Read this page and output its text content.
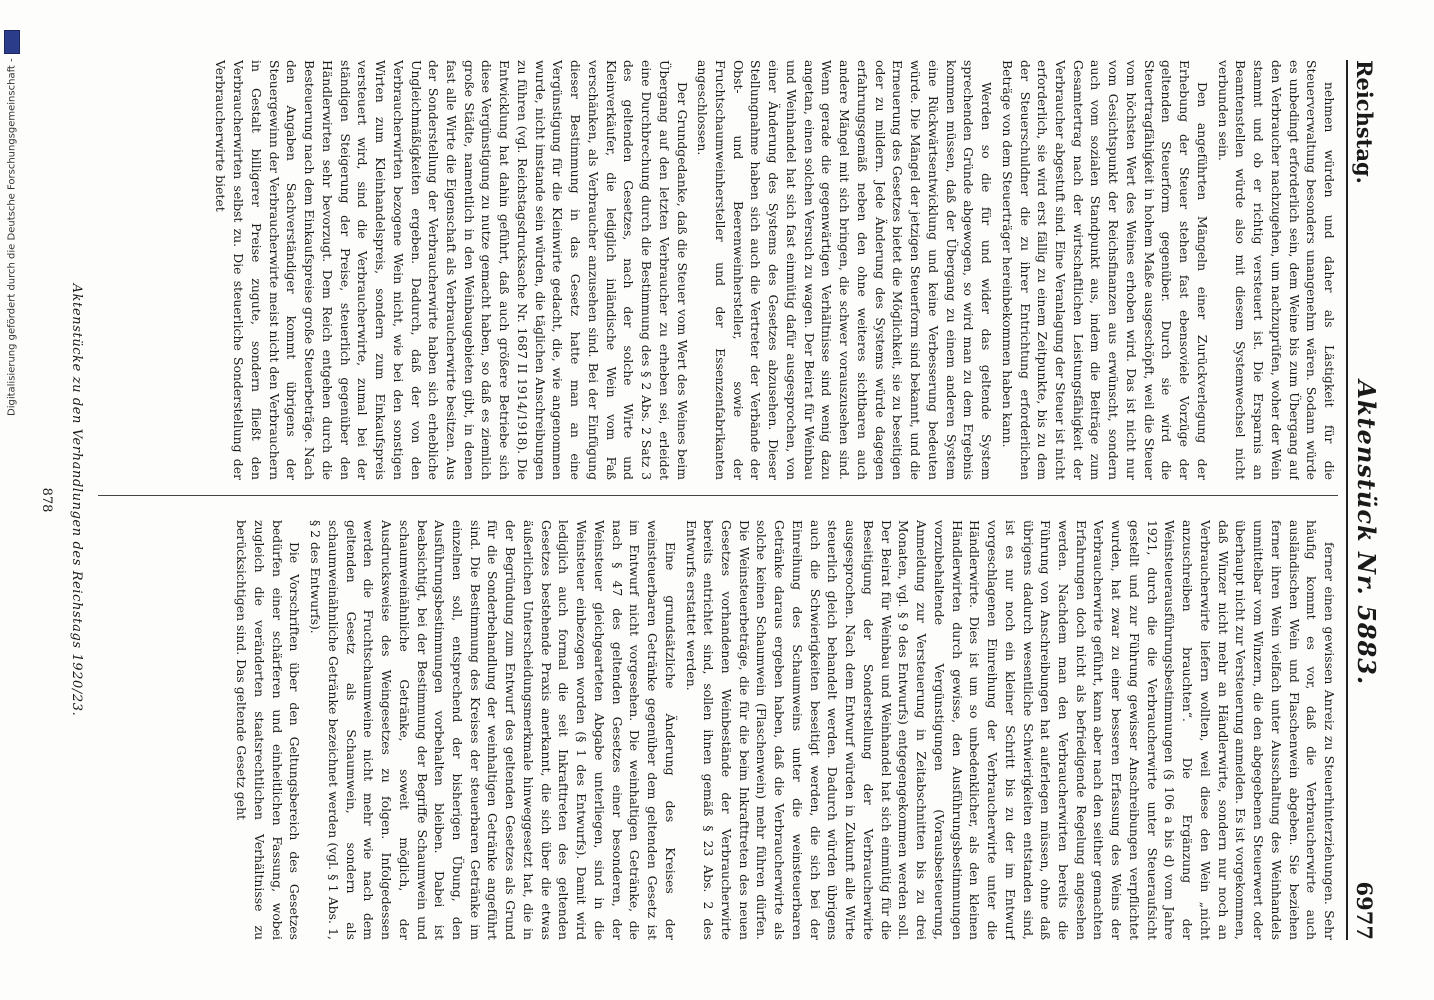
Reichstag.
Aktenstück Nr. 5883.
6977

nehmen würden und daher als Lästigkeit für die Steuerverwaltung besonders unangenehm wären. Sodann würde es unbedingt erforderlich sein, dem Weine bis zum Übergang auf den Verbraucher nachzugehen, um nachzuprüfen, woher der Wein stammt und ob er richtig versteuert ist. Die Ersparnis an Beamtenstellen würde also mit diesem Systemwechsel nicht verbunden sein.

Den angeführten Mängeln einer Zurückverlegung der Erhebung der Steuer stehen fast ebensoviele Vorzüge der geltenden Steuerform gegenüber. Durch sie wird die Steuertragfähigkeit in hohem Maße ausgeschöpft, weil die Steuer vom höchsten Wert des Weines erhoben wird. Das ist nicht nur vom Gesichtspunkt der Reichsfinanzen aus erwünscht, sondern auch vom sozialen Standpunkt aus, indem die Beiträge zum Gesamtertrag nach der wirtschaftlichen Leistungsfähigkeit der Verbraucher abgestuft sind. Eine Veranlagung der Steuer ist nicht erforderlich, sie wird erst fällig zu einem Zeitpunkte, bis zu dem der Steuerschuldner die zu ihrer Entrichtung erforderlichen Beträge von dem Steuerträger hereinbekommen haben kann.

Werden so die für und wider das geltende System sprechenden Gründe abgewogen, so wird man zu dem Ergebnis kommen müssen, daß der Übergang zu einem anderen System eine Rückwärtsentwicklung und keine Verbesserung bedeuten würde. Die Mängel der jetzigen Steuerform sind bekannt, und die Erneuerung des Gesetzes bietet die Möglichkeit, sie zu beseitigen oder zu mildern. Jede Änderung des Systems würde dagegen erfahrungsgemäß neben den ohne weiteres sichtbaren auch andere Mängel mit sich bringen, die schwer vorauszusehen sind. Wenn gerade die gegenwärtigen Verhältnisse sind wenig dazu angetan, einen solchen Versuch zu wagen. Der Beirat für Weinbau und Weinhandel hat sich fast einmütig dafür ausgesprochen, von einer Änderung des Systems des Gesetzes abzusehen. Dieser Stellungnahme haben sich auch die Vertreter der Verbände der Obst- und Beerenweinhersteller, sowie der Fruchtschaumweinhersteller und der Essenzenfabrikanten angeschlossen.

Der Grundgedanke, daß die Steuer vom Wert des Weines beim Übergang auf den letzten Verbraucher zu erheben sei, erleidet eine Durchbrechung durch die Bestimmung des § 2 Abs. 2 Satz 3 des geltenden Gesetzes, nach der solche Wirte und Kleinverkäufer, die lediglich inländische Wein vom Faß verschänken, als Verbraucher anzusehen sind. Bei der Einfügung dieser Bestimmung in das Gesetz hatte man an eine Vergünstigung für die Kleinwirte gedacht, die, wie angenommen wurde, nicht imstande sein würden, die täglichen Anschreibungen zu führen (vgl. Reichstagsdrucksache Nr. 1687 II 1914/1918). Die Entwicklung hat dahin geführt, daß auch größere Betriebe sich diese Vergünstigung zu nutze gemacht haben, so daß es ziemlich große Städte, namentlich in den Weinbaugebieten gibt, in denen fast alle Wirte die Eigenschaft als Verbraucherwirte besitzen. Aus der Sonderstellung der Verbraucherwirte haben sich erhebliche Ungleichmäßigkeiten ergeben. Dadurch, daß der von den Verbraucherwirten bezogene Wein nicht, wie bei den sonstigen Wirten zum Kleinhandelspreis, sondern zum Einkaufspreis versteuert wird, sind die Verbraucherwirte, zumal bei der ständigen Steigerung der Preise, steuerlich gegenüber den Händlerwirten sehr bevorzugt. Dem Reich entgehen durch die Besteuerung nach dem Einkaufspreise große Steuerbeträge. Nach den Angaben Sachverständiger kommt übrigens der Steuergewinn der Verbraucherwirte meist nicht den Verbrauchern in Gestalt billigerer Preise zugute, sondern fließt den Verbraucherwirten selbst zu. Die steuerliche Sonderstellung der Verbraucherwirte bietet

ferner einen gewissen Anreiz zu Steuerhinterziehungen. Sehr häufig kommt es vor, daß die Verbraucherwirte auch ausländischen Wein und Flaschenwein abgeben. Sie beziehen ferner ihren Wein vielfach unter Ausschaltung des Weinhandels unmittelbar vom Winzern, die den abgegebenen Steuerwert oder überhaupt nicht zur Versteuerung anmelden. Es ist vorgekommen, daß Winzer nicht mehr an Händlerwirte, sondern nur noch an Verbraucherwirte liefern wollten, weil diese den Wein „nicht anzuschreiben brauchten“. Die Ergänzung der Weinsteuerausführungsbestimmungen (§ 106 a bis d) vom Jahre 1921, durch die die Verbraucherwirte unter Steueraufsicht gestellt und zur Führung gewisser Anschreibungen verpflichtet wurden, hat zwar zu einer besseren Erfassung des Weins der Verbraucherwirte geführt, kann aber nach den seither gemachten Erfahrungen doch nicht als befriedigende Regelung angesehen werden. Nachdem man den Verbraucherwirten bereits die Führung von Anschreibungen hat auferlegen müssen, ohne daß übrigens dadurch wesentliche Schwierigkeiten entstanden sind, ist es nur noch ein kleiner Schritt bis zu der im Entwurf vorgeschlagenen Einreihung der Verbraucherwirte unter die Händlerwirte. Dies ist um so unbedenklicher, als den kleinen Händlerwirten durch gewisse, den Ausführungsbestimmungen vorzubehaltende Vergünstigungen (Vorausbesteuerung, Anmeldung zur Versteuerung in Zeitabschnitten bis zu drei Monaten, vgl. § 9 des Entwurfs) entgegengekommen werden soll. Der Beirat für Weinbau und Weinhandel hat sich einmütig für die Beseitigung der Sonderstellung der Verbraucherwirte ausgesprochen. Nach dem Entwurf würden in Zukunft alle Wirte steuerlich gleich behandelt werden. Dadurch würden übrigens auch die Schwierigkeiten beseitigt werden, die sich bei der Einreihung des Schaumweins unter die weinsteuerbaren Getränke daraus ergeben haben, daß die Verbraucherwirte als solche keinen Schaumwein (Flaschenwein) mehr führen dürfen. Die Weinsteuerbeträge, die für die beim Inkrafttreten des neuen Gesetzes vorhandenen Weinbestände der Verbraucherwirte bereits entrichtet sind, sollen ihnen gemäß § 23 Abs. 2 des Entwurfs erstattet werden.

Eine grundsätzliche Änderung des Kreises der weinsteuerbaren Getränke gegenüber dem geltenden Gesetz ist im Entwurf nicht vorgesehen. Die weinhaltigen Getränke, die nach § 47 des geltenden Gesetzes einer besonderen, der Weinsteuer gleichgearteten Abgabe unterliegen, sind in die Weinsteuer einbezogen worden (§ 1 des Entwurfs). Damit wird lediglich auch formal die seit Inkrafttreten des geltenden Gesetzes bestehende Praxis anerkannt, die sich über die etwas äußerlichen Unterscheidungsmerkmale hinweggesetzt hat, die in der Begründung zum Entwurf des geltenden Gesetzes als Grund für die Sonderbehandlung der weinhaltigen Getränke angeführt sind. Die Bestimmung des Kreises der steuerbaren Getränke im einzelnen soll, entsprechend der bisherigen Übung, den Ausführungsbestimmungen vorbehalten bleiben. Dabei ist beabsichtigt, bei der Bestimmung der Begriffe Schaumwein und schaumweinähnliche Getränke, soweit möglich, der Ausdrucksweise des Weingesetzes zu folgen. Infolgedessen werden die Fruchtschaumweine nicht mehr wie nach dem geltenden Gesetz als Schaumwein, sondern als schaumweinähnliche Getränke bezeichnet werden (vgl. § 1 Abs. 1, § 2 des Entwurfs).

Die Vorschriften über den Geltungsbereich des Gesetzes bedürfen einer schärferen und einheitlichen Fassung, wobei zugleich die veränderten staatsrechtlichen Verhältnisse zu berücksichtigen sind. Das geltende Gesetz geht

Aktenstücke zu den Verhandlungen des Reichstags 1920/23.
878
Digitalisierung gefördert durch die Deutsche Forschungsgemeinschaft -
